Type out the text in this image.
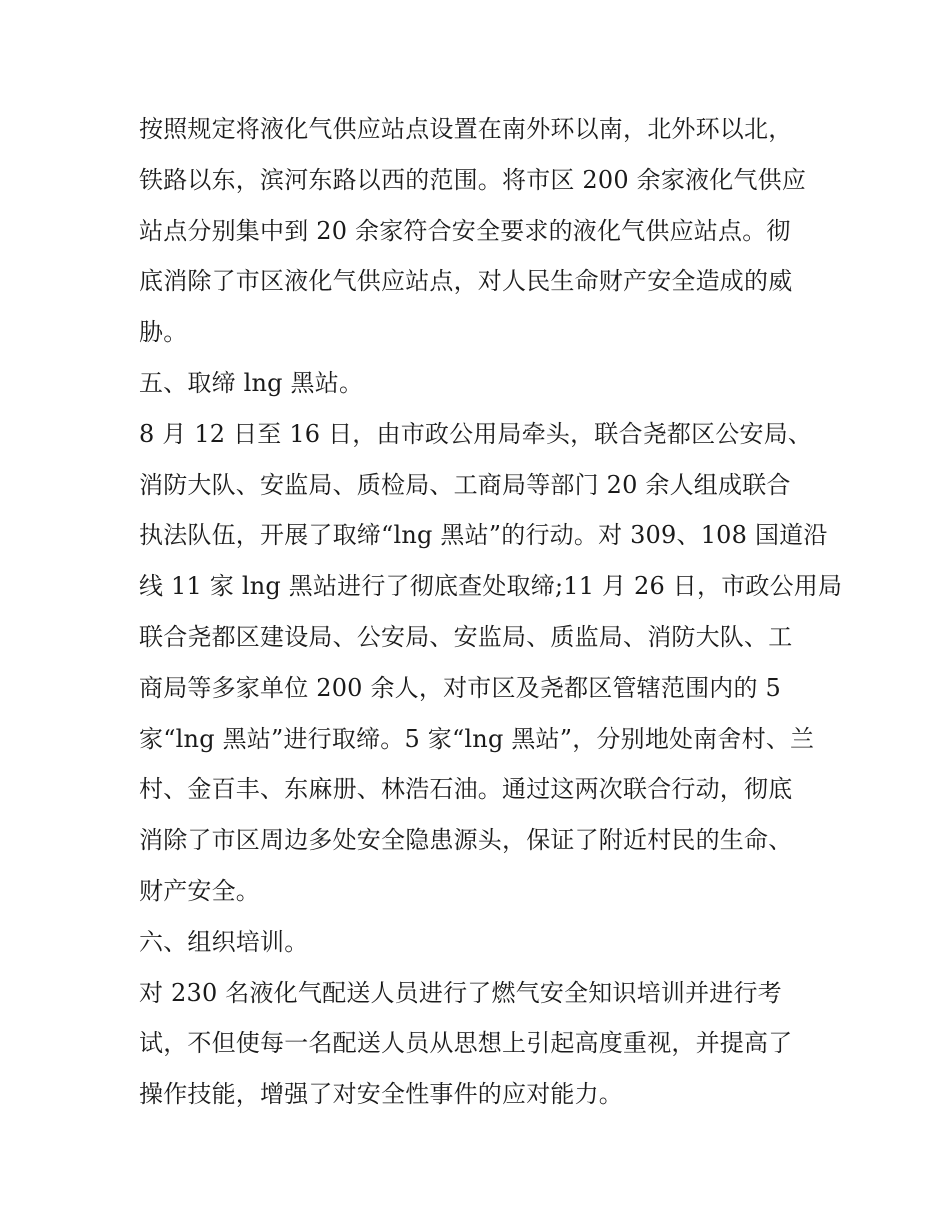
按照规定将液化气供应站点设置在南外环以南，北外环以北，
铁路以东，滨河东路以西的范围。将市区 200 余家液化气供应
站点分别集中到 20 余家符合安全要求的液化气供应站点。彻
底消除了市区液化气供应站点，对人民生命财产安全造成的威
胁。
五、取缔 lng 黑站。
8 月 12 日至 16 日，由市政公用局牵头，联合尧都区公安局、
消防大队、安监局、质检局、工商局等部门 20 余人组成联合
执法队伍，开展了取缔“lng 黑站”的行动。对 309、108 国道沿
线 11 家 lng 黑站进行了彻底查处取缔;11 月 26 日，市政公用局
联合尧都区建设局、公安局、安监局、质监局、消防大队、工
商局等多家单位 200 余人，对市区及尧都区管辖范围内的 5
家“lng 黑站”进行取缔。5 家“lng 黑站”，分别地处南舍村、兰
村、金百丰、东麻册、林浩石油。通过这两次联合行动，彻底
消除了市区周边多处安全隐患源头，保证了附近村民的生命、
财产安全。
六、组织培训。
对 230 名液化气配送人员进行了燃气安全知识培训并进行考
试，不但使每一名配送人员从思想上引起高度重视，并提高了
操作技能，增强了对安全性事件的应对能力。
